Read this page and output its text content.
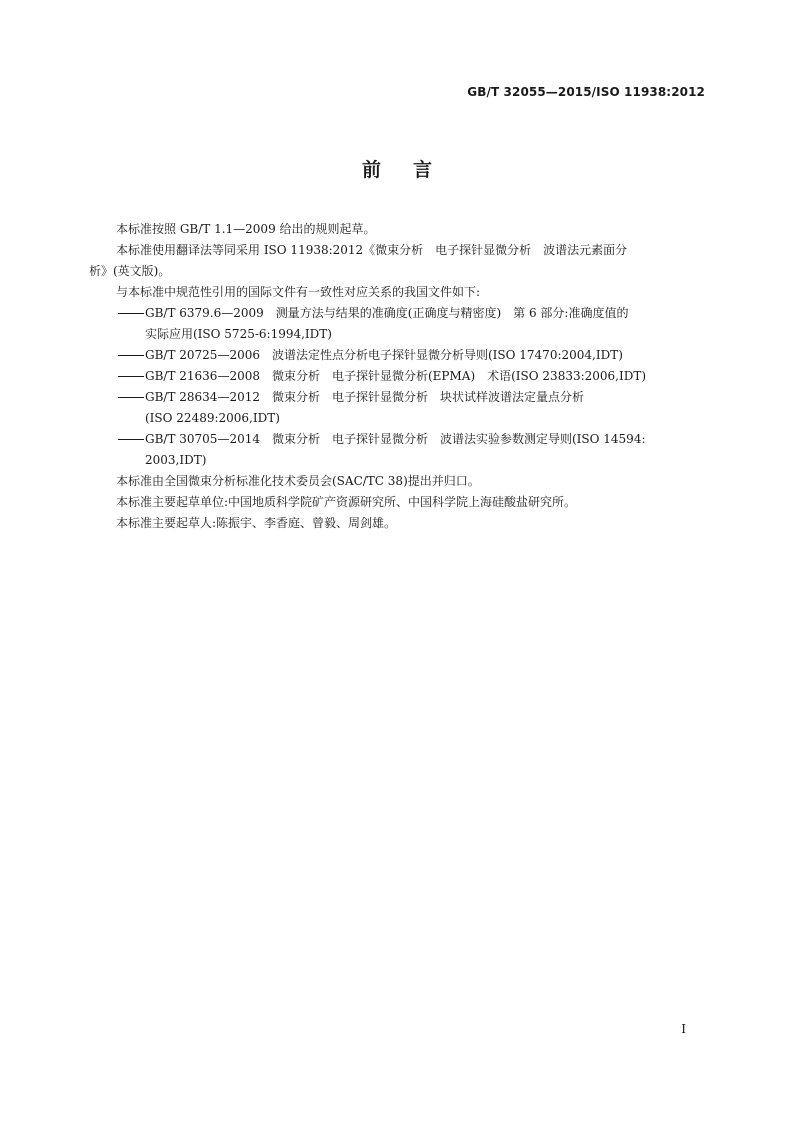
GB/T 32055—2015/ISO 11938:2012
前言
本标准按照 GB/T 1.1—2009 给出的规则起草。
本标准使用翻译法等同采用 ISO 11938:2012《微束分析　电子探针显微分析　波谱法元素面分
析》(英文版)。
与本标准中规范性引用的国际文件有一致性对应关系的我国文件如下:
GB/T 6379.6—2009　测量方法与结果的准确度(正确度与精密度)　第 6 部分:准确度值的
实际应用(ISO 5725-6:1994,IDT)
GB/T 20725—2006　波谱法定性点分析电子探针显微分析导则(ISO 17470:2004,IDT)
GB/T 21636—2008　微束分析　电子探针显微分析(EPMA)　术语(ISO 23833:2006,IDT)
GB/T 28634—2012　微束分析　电子探针显微分析　块状试样波谱法定量点分析
(ISO 22489:2006,IDT)
GB/T 30705—2014　微束分析　电子探针显微分析　波谱法实验参数测定导则(ISO 14594:
2003,IDT)
本标准由全国微束分析标准化技术委员会(SAC/TC 38)提出并归口。
本标准主要起草单位:中国地质科学院矿产资源研究所、中国科学院上海硅酸盐研究所。
本标准主要起草人:陈振宇、李香庭、曾毅、周剑雄。
I
